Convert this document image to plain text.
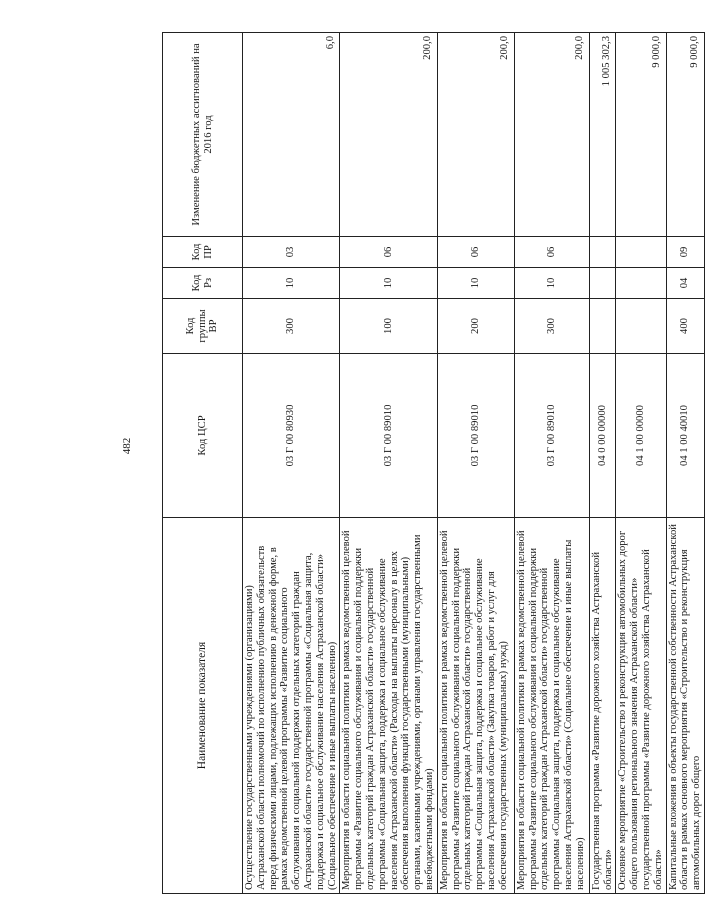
482
Наименование показателя	Код ЦСР	Код группы ВР	Код Рз	Код ПР	Изменение бюджетных ассигнований на 2016 год
Осуществление государственными учреждениями (организациями) Астраханской области полномочий по исполнению публичных обязательств перед физическими лицами, подлежащих исполнению в денежной форме, в рамках ведомственной целевой программы «Развитие социального обслуживания и социальной поддержки отдельных категорий граждан Астраханской области» государственной программы «Социальная защита, поддержка и социальное обслуживание населения Астраханской области» (Социальное обеспечение и иные выплаты населению)	03 Г 00 80930	300	10	03	6,0
Мероприятия в области социальной политики в рамках ведомственной целевой программы «Развитие социального обслуживания и социальной поддержки отдельных категорий граждан Астраханской области» государственной программы «Социальная защита, поддержка и социальное обслуживание населения Астраханской области» (Расходы на выплаты персоналу в целях обеспечения выполнения функций государственными (муниципальными) органами, казенными учреждениями, органами управления государственными внебюджетными фондами)	03 Г 00 89010	100	10	06	200,0
Мероприятия в области социальной политики в рамках ведомственной целевой программы «Развитие социального обслуживания и социальной поддержки отдельных категорий граждан Астраханской области» государственной программы «Социальная защита, поддержка и социальное обслуживание населения Астраханской области» (Закупка товаров, работ и услуг для обеспечения государственных (муниципальных) нужд)	03 Г 00 89010	200	10	06	200,0
Мероприятия в области социальной политики в рамках ведомственной целевой программы «Развитие социального обслуживания и социальной поддержки отдельных категорий граждан Астраханской области» государственной программы «Социальная защита, поддержка и социальное обслуживание населения Астраханской области» (Социальное обеспечение и иные выплаты населению)	03 Г 00 89010	300	10	06	200,0
Государственная программа «Развитие дорожного хозяйства Астраханской области»	04 0 00 00000				1 005 302,3
Основное мероприятие «Строительство и реконструкция автомобильных дорог общего пользования регионального значения Астраханской области» государственной программы «Развитие дорожного хозяйства Астраханской области»	04 1 00 00000				9 000,0
Капитальные вложения в объекты государственной собственности Астраханской области в рамках основного мероприятия «Строительство и реконструкция автомобильных дорог общего	04 1 00 40010	400	04	09	9 000,0
